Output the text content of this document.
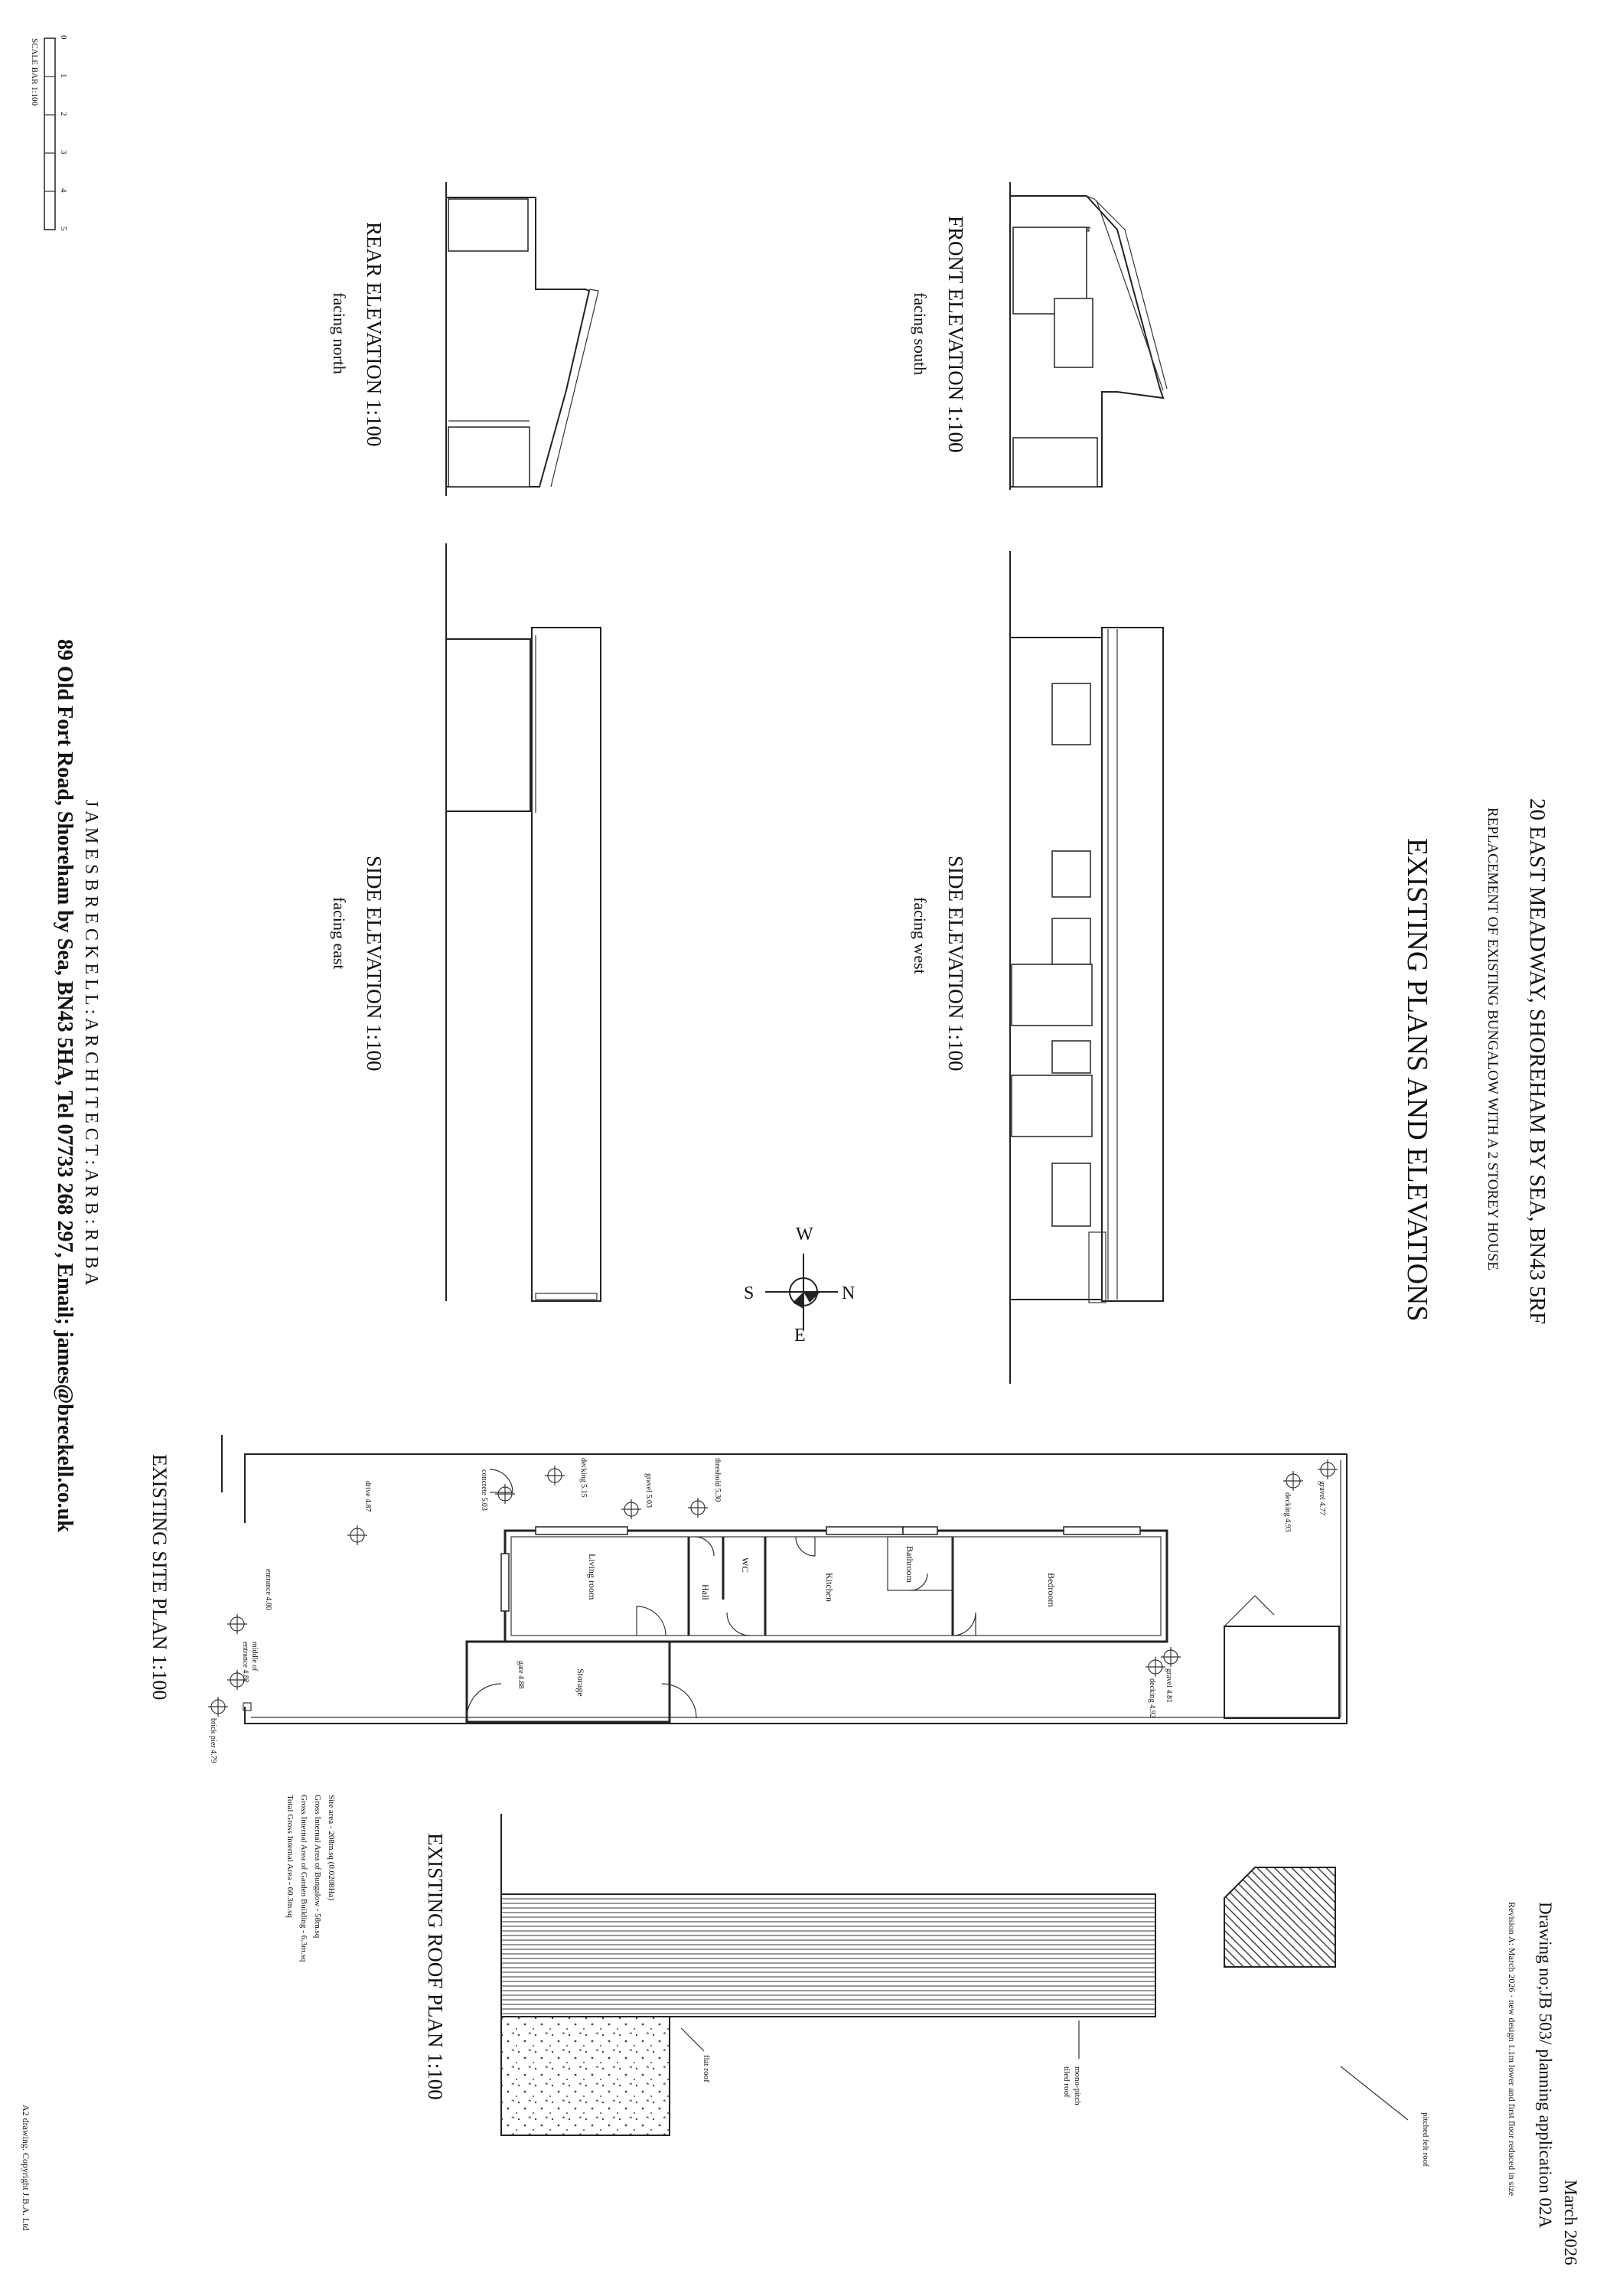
0
1
2
3
4
5
SCALE BAR 1:100
20 EAST MEADWAY, SHOREHAM BY SEA, BN43 5RF
REPLACEMENT OF EXISTING BUNGALOW WITH A 2 STOREY HOUSE
EXISTING PLANS AND ELEVATIONS
March 2026
Drawing no;JB 503/ planning application 02A
Revision A: March 2026 · new design 1.1m lower and first floor reduced in size
J A M E S B R E C K E L L : A R C H I T E C T : A R B : R I B A
89 Old Fort Road, Shoreham by Sea, BN43 5HA, Tel 07733 268 297, Email; james@breckell.co.uk
A2 drawing. Copyright J.B.A. Ltd
FRONT ELEVATION 1:100
facing south
REAR ELEVATION 1:100
facing north
SIDE ELEVATION 1:100
facing west
SIDE ELEVATION 1:100
facing east
N
W
S
E
Bedroom
Bathroom
Kitchen
WC
Hall
Living room
Storage
gravel 4.77
decking 4.93
gravel 4.81
decking 4.92
threshold 5.30
gravel 5.03
decking 5.15
concrete 5.03
drive 4.87
entrance 4.80
middle of
entrance 4.82	gate 4.88
brick pier 4.79
EXISTING SITE PLAN 1:100
Site area - 208m.sq (0.0208Ha)
Gross Internal Area of Bungalow - 58m.sq
Gross Internal Area of Garden Building - 6.3m.sq
Total Gross Internal Area - 60.3m.sq
pitched felt roof
mono-pitch
tiled roof
flat roof
EXISTING ROOF PLAN 1:100
